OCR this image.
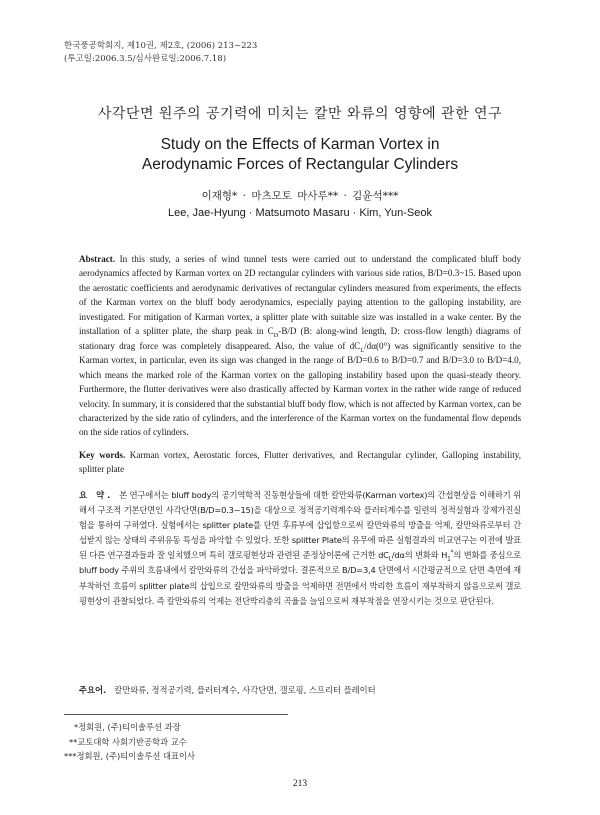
한국풍공학회지, 제10권, 제2호, (2006) 213~223
(투고일:2006.3.5/심사완료일:2006.7.18)
사각단면 원주의 공기력에 미치는 칼만 와류의 영향에 관한 연구
Study on the Effects of Karman Vortex in
Aerodynamic Forces of Rectangular Cylinders
이재형* · 마츠모토 마사루** · 김윤석***
Lee, Jae-Hyung · Matsumoto Masaru · Kim, Yun-Seok
Abstract. In this study, a series of wind tunnel tests were carried out to understand the complicated bluff body aerodynamics affected by Karman vortex on 2D rectangular cylinders with various side ratios, B/D=0.3~15. Based upon the aerostatic coefficients and aerodynamic derivatives of rectangular cylinders measured from experiments, the effects of the Karman vortex on the bluff body aerodynamics, especially paying attention to the galloping instability, are investigated. For mitigation of Karman vortex, a splitter plate with suitable size was installed in a wake center. By the installation of a splitter plate, the sharp peak in $C_D-B/D$ (B: along-wind length, D: cross-flow length) diagrams of stationary drag force was completely disappeared. Also, the value of $dC_L/d\alpha(0^\circ)$ was significantly sensitive to the Karman vortex, in particular, even its sign was changed in the range of B/D=0.6 to B/D=0.7 and B/D=3.0 to B/D=4.0, which means the marked role of the Karman vortex on the galloping instability based upon the quasi-steady theory. Furthermore, the flutter derivatives were also drastically affected by Karman vortex in the rather wide range of reduced velocity. In summary, it is considered that the substantial bluff body flow, which is not affected by Karman vortex, can be characterized by the side ratio of cylinders, and the interference of the Karman vortex on the fundamental flow depends on the side ratios of cylinders.
Key words. Karman vortex, Aerostatic forces, Flutter derivatives, and Rectangular cylinder, Galloping instability, splitter plate
요 약. 본 연구에서는 bluff body의 공기역학적 진동현상들에 대한 칼만와류(Karman vortex)의 간섭현상을 이해하기 위해서 구조적 기본단면인 사각단면(B/D=0.3~15)을 대상으로 정적공기력계수와 플러터계수를 일련의 정적실험과 강제가진실험을 통하여 구하였다. 실험에서는 splitter plate를 단면 후류부에 삽입함으로써 칼만와류의 방출을 억제, 칼만와류로부터 간섭받지 않는 상태의 주위유동 특성을 파악할 수 있었다. 또한 splitter Plate의 유무에 따른 실험결과의 비교연구는 이전에 발표된 다른 연구결과들과 잘 일치했으며 특히 갤로핑현상과 관련된 준정상이론에 근거한 $dC_L/d\alpha$의 변화와 $H_1^*$의 변화를 중심으로 bluff body 주위의 흐름내에서 칼만와류의 간섭을 파악하였다. 결론적으로 B/D=3,4 단면에서 시간평균적으로 단면 측면에 재부착하던 흐름이 splitter plate의 삽입으로 칼만와류의 방출을 억제하면 전면에서 박리한 흐름이 재부착하지 않음으로써 갤로핑현상이 관찰되었다. 즉 칼만와류의 억제는 전단박리층의 곡율을 늘임으로써 재부착점을 연장시키는 것으로 판단된다.
주요어. 칼만와류, 정적공기력, 플러터계수, 사각단면, 갤로핑, 스프리터 플레이터
*정회원, (주)티이솔루션 과장
**교토대학 사회기반공학과 교수
***정회원, (주)티이솔루션 대표이사
213
